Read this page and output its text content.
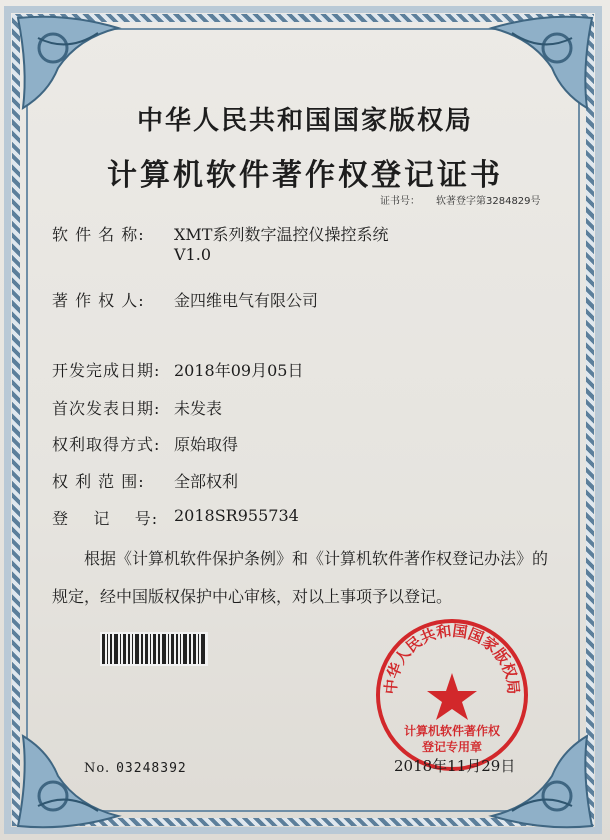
中华人民共和国国家版权局
计算机软件著作权登记证书
证书号： 软著登字第3284829号
软 件 名 称:	XMT系列数字温控仪操控系统
V1.0
著 作 权 人:	金四维电气有限公司
开发完成日期: 2018年09月05日
首次发表日期: 未发表
权利取得方式: 原始取得
权 利 范 围:	全部权利
登    记    号: 2018SR955734
根据《计算机软件保护条例》和《计算机软件著作权登记办法》的
规定，经中国版权保护中心审核，对以上事项予以登记。
中华人民共和国国家版权局
计算机软件著作权
登记专用章
No. 03248392	2018年11月29日
